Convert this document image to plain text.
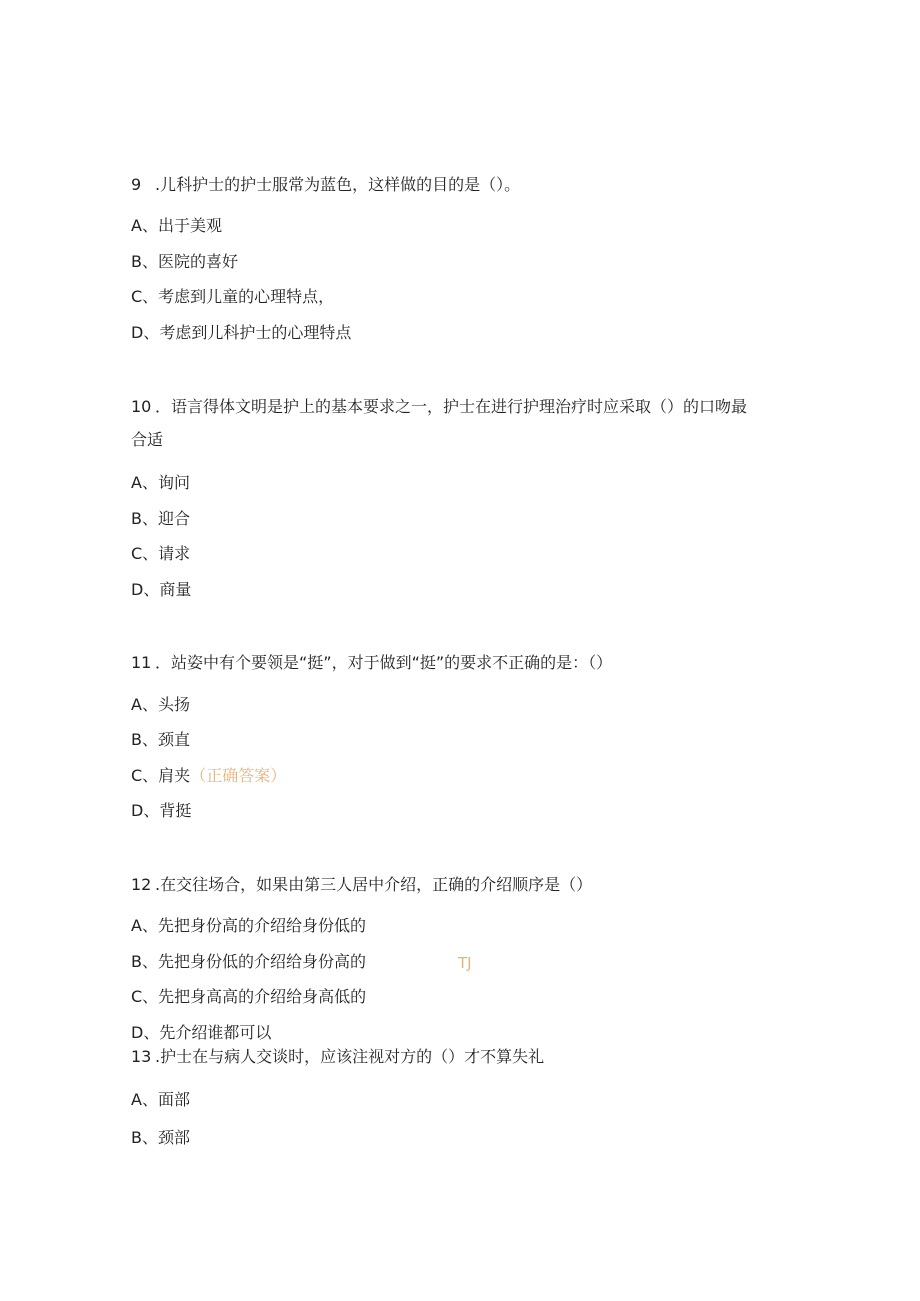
9 .儿科护士的护士服常为蓝色，这样做的目的是（）。
A、出于美观
B、医院的喜好
C、考虑到儿童的心理特点，
D、考虑到儿科护士的心理特点
10 ．语言得体文明是护上的基本要求之一，护士在进行护理治疗时应采取（）的口吻最
合适
A、询问
B、迎合
C、请求
D、商量
11 ．站姿中有个要领是“挺”，对于做到“挺”的要求不正确的是：（）
A、头扬
B、颈直
C、肩夹（正确答案）
D、背挺
12 .在交往场合，如果由第三人居中介绍，正确的介绍顺序是（）
A、先把身份高的介绍给身份低的
B、先把身份低的介绍给身份高的	TJ
C、先把身高高的介绍给身高低的
D、先介绍谁都可以
13 .护士在与病人交谈时，应该注视对方的（）才不算失礼
A、面部
B、颈部
